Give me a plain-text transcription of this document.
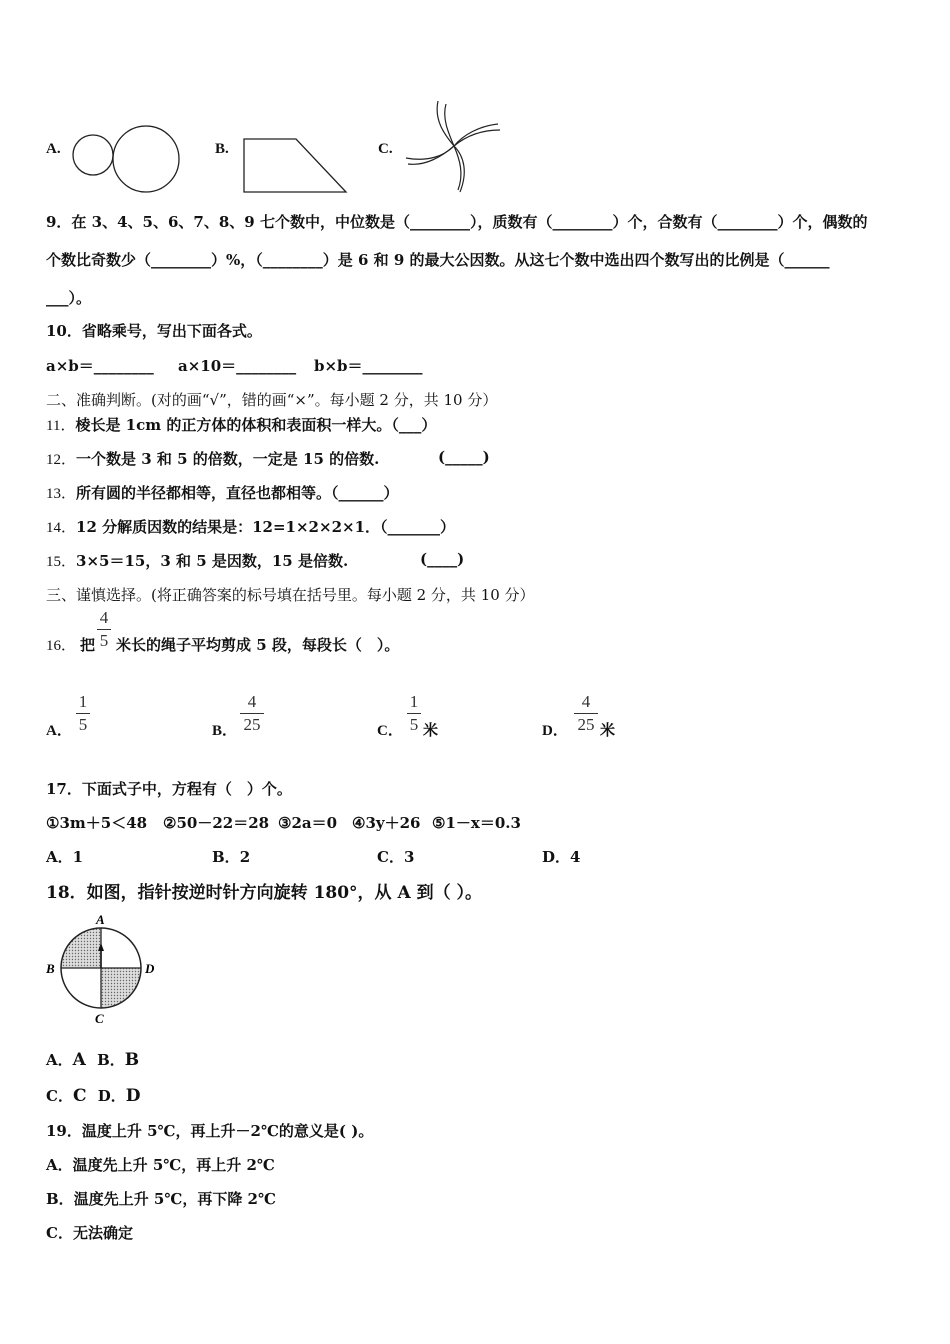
A.	B.	C.
9．在 3、4、5、6、7、8、9 七个数中，中位数是（________），质数有（________）个，合数有（________）个，偶数的
个数比奇数少（________）%，（________）是 6 和 9 的最大公因数。从这七个数中选出四个数写出的比例是（______
___）。
10．省略乘号，写出下面各式。
a×b＝________ a×10＝________ b×b＝________
二、准确判断。(对的画“√”，错的画“×”。每小题 2 分，共 10 分）
11．棱长是 1cm 的正方体的体积和表面积一样大。（___）
12．一个数是 3 和 5 的倍数，一定是 15 的倍数.	(_____)
13．所有圆的半径都相等，直径也都相等。（______）
14．12 分解质因数的结果是：12=1×2×2×1．（_______）
15．3×5＝15，3 和 5 是因数，15 是倍数.	(____)
三、谨慎选择。(将正确答案的标号填在括号里。每小题 2 分，共 10 分）
16． 把
4
5 米长的绳子平均剪成 5 段，每段长（　）。
A．
1
5	B．
4
25	C．
1
5 米	D．
4
25 米
17．下面式子中，方程有（　）个。
①3m＋5＜48 ②50－22＝28 ③2a＝0 ④3y＋26 ⑤1－x＝0.3
A．1	B．2	C．3	D．4
18．如图，指针按逆时针方向旋转 180°，从 A 到（ ）。
A
B	D
C
A．A B．B
C．C D．D
19．温度上升 5℃，再上升－2℃的意义是( )。
A．温度先上升 5℃，再上升 2℃
B．温度先上升 5℃，再下降 2℃
C．无法确定
